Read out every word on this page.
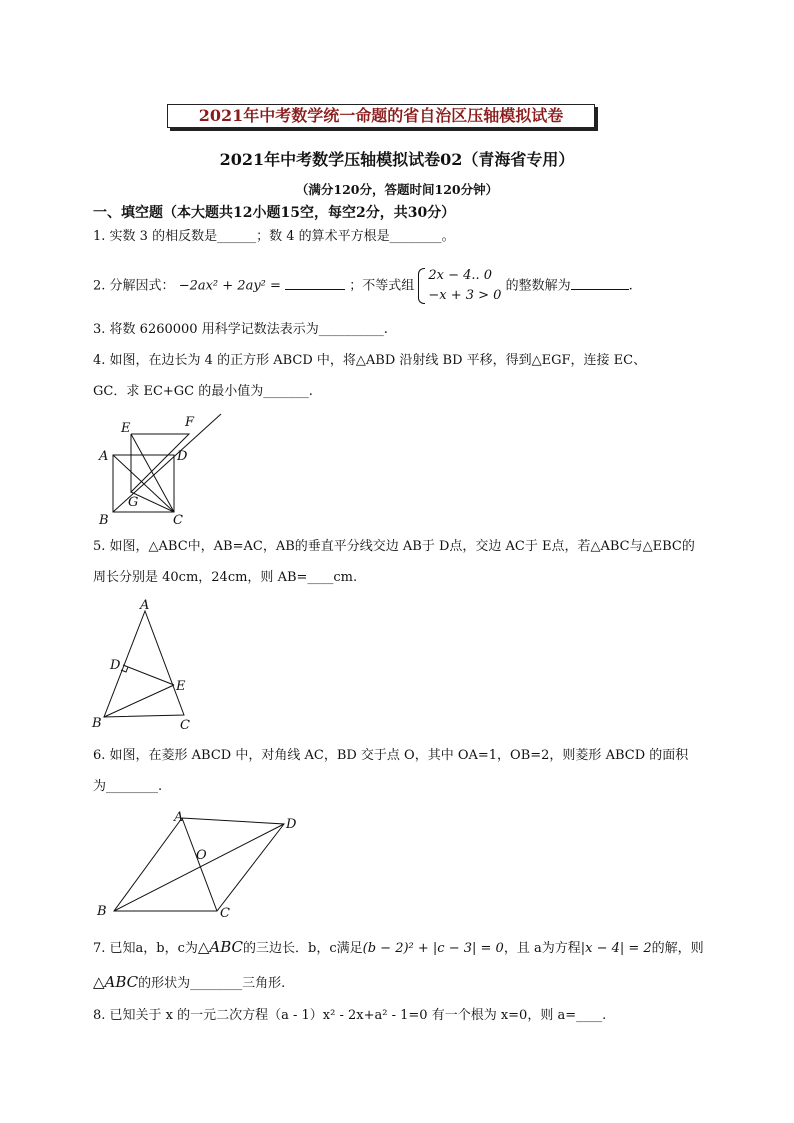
2021年中考数学统一命题的省自治区压轴模拟试卷
2021年中考数学压轴模拟试卷02（青海省专用）
（满分120分，答题时间120分钟）
一、填空题（本大题共12小题15空，每空2分，共30分）
1. 实数 3 的相反数是______；数 4 的算术平方根是________。
2. 分解因式： −2ax² + 2ay² =	；不等式组 2x − 4.. 0
−x + 3 > 0 的整数解为	.
3. 将数 6260000 用科学记数法表示为__________.
4. 如图，在边长为 4 的正方形 ABCD 中，将△ABD 沿射线 BD 平移，得到△EGF，连接 EC、
GC．求 EC+GC 的最小值为_______.
E	F
A	D
G
B	C
5. 如图，△ABC中，AB=AC，AB的垂直平分线交边 AB于 D点，交边 AC于 E点，若△ABC与△EBC的
周长分别是 40cm，24cm，则 AB=____cm.
A
D
E
B	C
6. 如图，在菱形 ABCD 中，对角线 AC，BD 交于点 O，其中 OA=1，OB=2，则菱形 ABCD 的面积
为________.
A	D
O
B	C
7. 已知a，b，c为△ABC的三边长．b，c满足(b − 2)² + |c − 3| = 0，且 a为方程|x − 4| = 2的解，则
△ABC的形状为________三角形.
8. 已知关于 x 的一元二次方程（a - 1）x² - 2x+a² - 1=0 有一个根为 x=0，则 a=____.
